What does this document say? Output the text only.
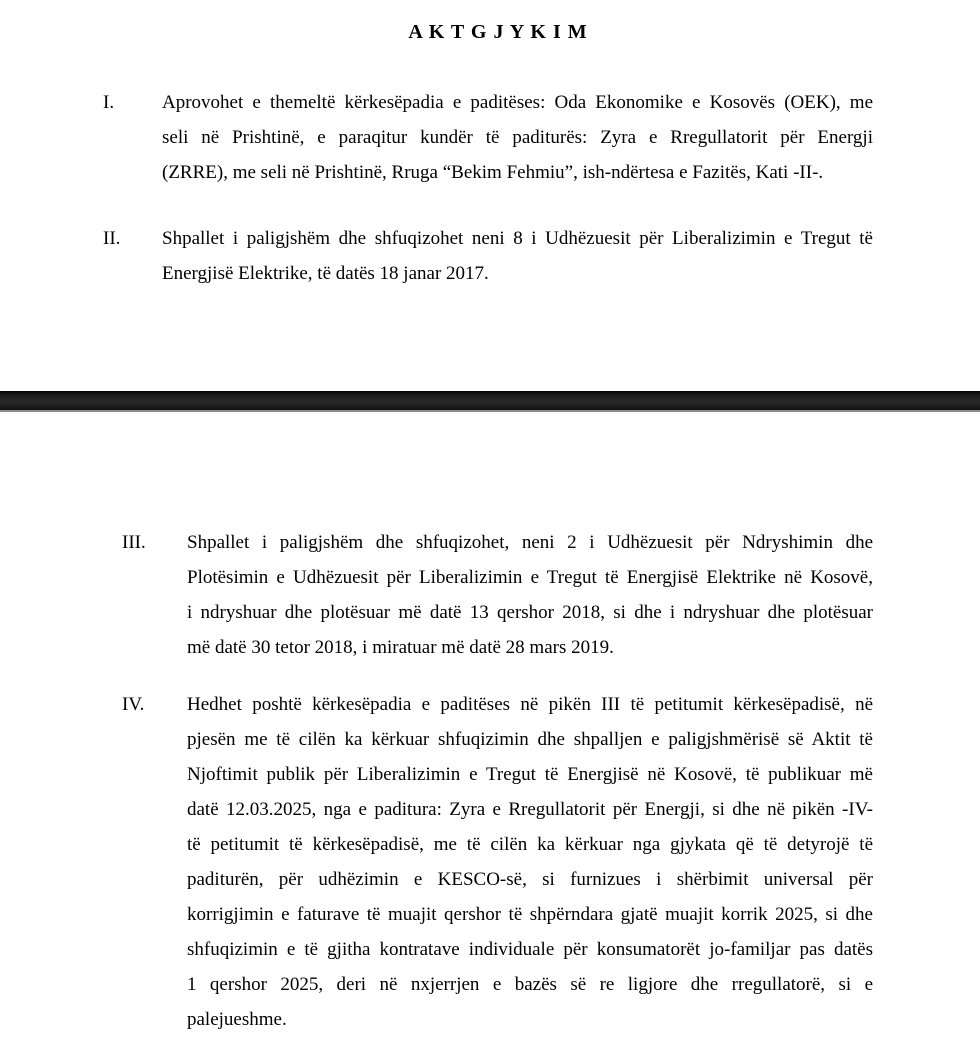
A K T G J Y K I M
I.	Aprovohet e themeltë kërkesëpadia e paditëses: Oda Ekonomike e Kosovës (OEK), me
seli në Prishtinë, e paraqitur kundër të paditurës: Zyra e Rregullatorit për Energji
(ZRRE), me seli në Prishtinë, Rruga “Bekim Fehmiu”, ish-ndërtesa e Fazitës, Kati -II-.
II.	Shpallet i paligjshëm dhe shfuqizohet neni 8 i Udhëzuesit për Liberalizimin e Tregut të
Energjisë Elektrike, të datës 18 janar 2017.
III.	Shpallet i paligjshëm dhe shfuqizohet, neni 2 i Udhëzuesit për Ndryshimin dhe
Plotësimin e Udhëzuesit për Liberalizimin e Tregut të Energjisë Elektrike në Kosovë,
i ndryshuar dhe plotësuar më datë 13 qershor 2018, si dhe i ndryshuar dhe plotësuar
më datë 30 tetor 2018, i miratuar më datë 28 mars 2019.
IV.	Hedhet poshtë kërkesëpadia e paditëses në pikën III të petitumit kërkesëpadisë, në
pjesën me të cilën ka kërkuar shfuqizimin dhe shpalljen e paligjshmërisë së Aktit të
Njoftimit publik për Liberalizimin e Tregut të Energjisë në Kosovë, të publikuar më
datë 12.03.2025, nga e paditura: Zyra e Rregullatorit për Energji, si dhe në pikën -IV-
të petitumit të kërkesëpadisë, me të cilën ka kërkuar nga gjykata që të detyrojë të
paditurën, për udhëzimin e KESCO-së, si furnizues i shërbimit universal për
korrigjimin e faturave të muajit qershor të shpërndara gjatë muajit korrik 2025, si dhe
shfuqizimin e të gjitha kontratave individuale për konsumatorët jo-familjar pas datës
1 qershor 2025, deri në nxjerrjen e bazës së re ligjore dhe rregullatorë, si e
palejueshme.
